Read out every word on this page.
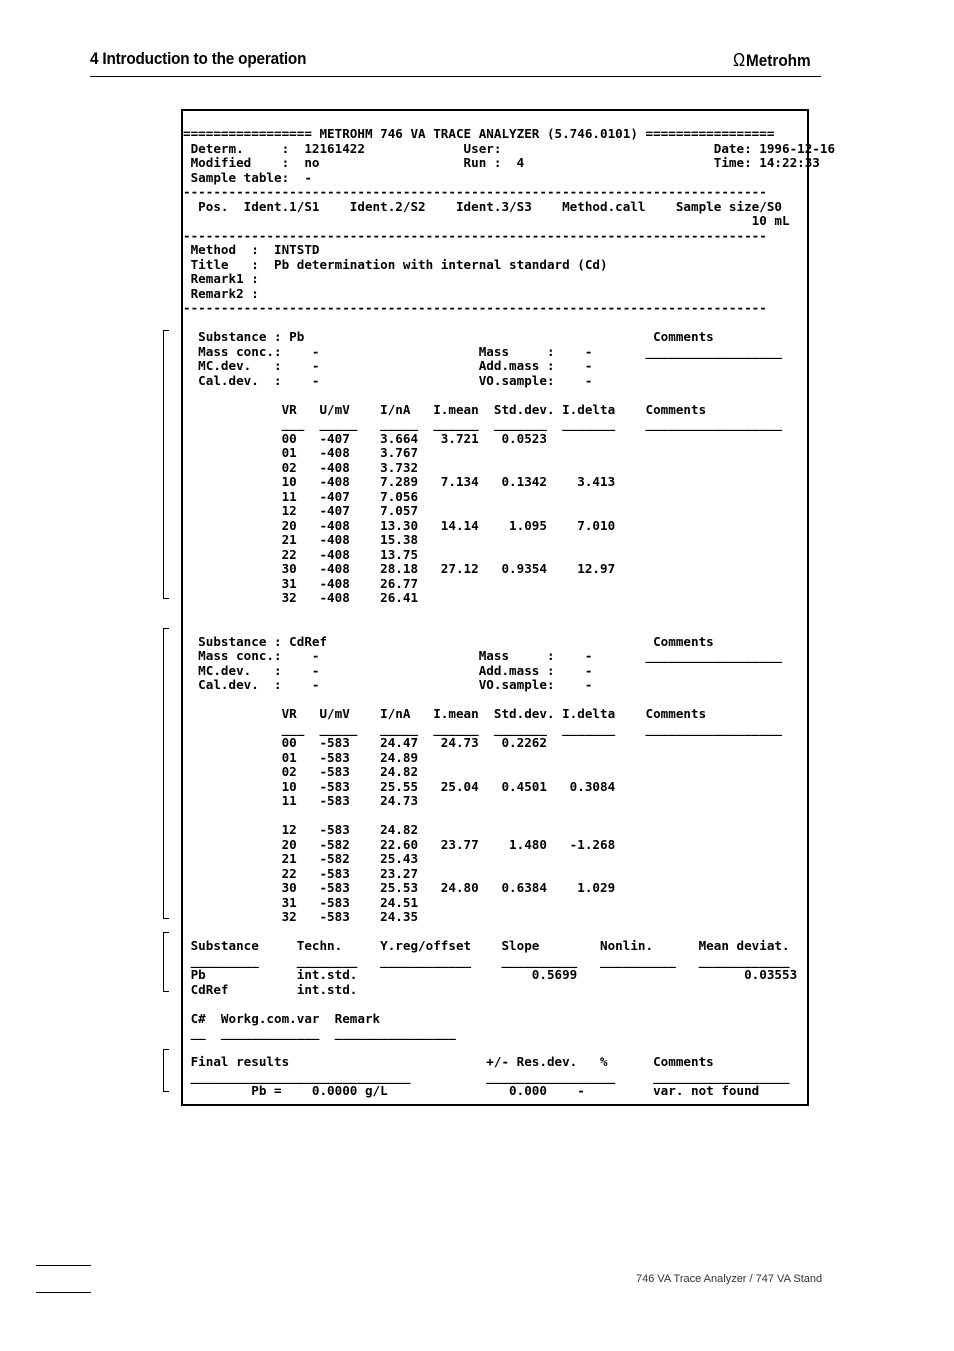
4 Introduction to the operation	ΩMetrohm
================= METROHM 746 VA TRACE ANALYZER (5.746.0101) =================
Determ.     :  12161422             User:                            Date: 1996-12-16
Modified    :  no                   Run :  4                         Time: 14:22:33
Sample table:  -
-----------------------------------------------------------------------------
Pos.  Ident.1/S1    Ident.2/S2    Ident.3/S3    Method.call    Sample size/S0
10 mL
-----------------------------------------------------------------------------
Method  :  INTSTD
Title   :  Pb determination with internal standard (Cd)
Remark1 :
Remark2 :
-----------------------------------------------------------------------------
Substance : Pb                                              Comments
Mass conc.:    -                     Mass     :    -       __________________
MC.dev.   :    -                     Add.mass :    -
Cal.dev.  :    -                     VO.sample:    -
VR   U/mV    I/nA   I.mean  Std.dev. I.delta    Comments
___  _____   _____  ______  _______  _______    __________________
00   -407    3.664   3.721   0.0523
01   -408    3.767
02   -408    3.732
10   -408    7.289   7.134   0.1342    3.413
11   -407    7.056
12   -407    7.057
20   -408    13.30   14.14    1.095    7.010
21   -408    15.38
22   -408    13.75
30   -408    28.18   27.12   0.9354    12.97
31   -408    26.77
32   -408    26.41
Substance : CdRef                                           Comments
Mass conc.:    -                     Mass     :    -       __________________
MC.dev.   :    -                     Add.mass :    -
Cal.dev.  :    -                     VO.sample:    -
VR   U/mV    I/nA   I.mean  Std.dev. I.delta    Comments
___  _____   _____  ______  _______  _______    __________________
00   -583    24.47   24.73   0.2262
01   -583    24.89
02   -583    24.82
10   -583    25.55   25.04   0.4501   0.3084
11   -583    24.73
12   -583    24.82
20   -582    22.60   23.77    1.480   -1.268
21   -582    25.43
22   -583    23.27
30   -583    25.53   24.80   0.6384    1.029
31   -583    24.51
32   -583    24.35
Substance     Techn.     Y.reg/offset    Slope        Nonlin.      Mean deviat.
_________     ________   ____________    __________   __________   ____________
Pb            int.std.                       0.5699                      0.03553
CdRef         int.std.
C#  Workg.com.var  Remark
__  _____________  ________________
Final results                          +/- Res.dev.   %      Comments
_____________________________          _________________     __________________
Pb =    0.0000 g/L                0.000    -         var. not found
746 VA Trace Analyzer / 747 VA Stand
